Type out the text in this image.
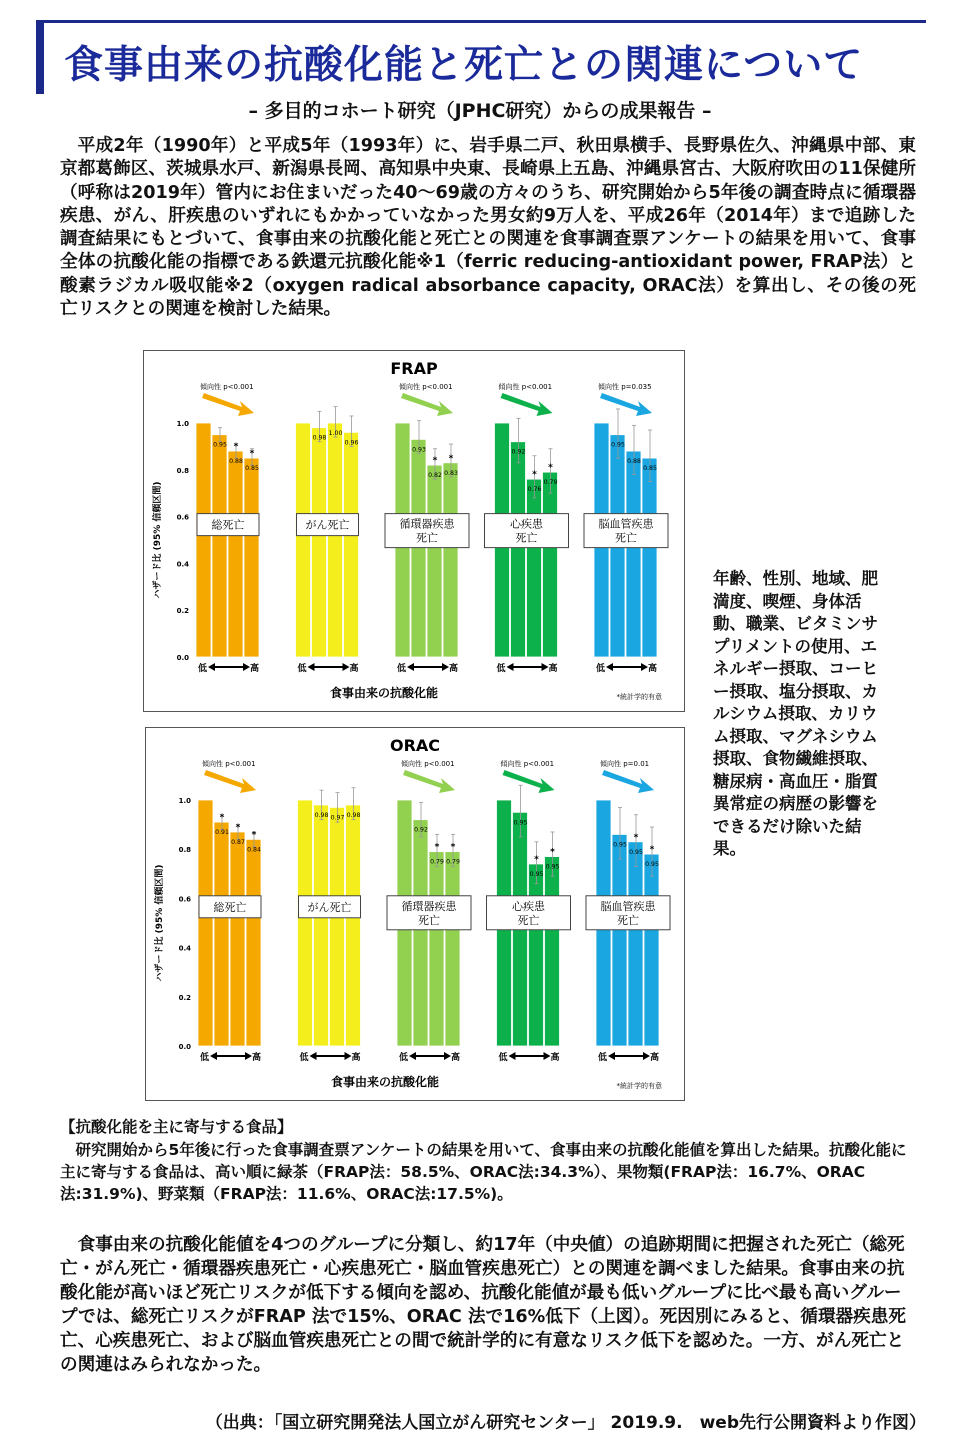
食事由来の抗酸化能と死亡との関連について
– 多目的コホート研究（JPHC研究）からの成果報告 –
平成2年（1990年）と平成5年（1993年）に、岩手県二戸、秋田県横手、長野県佐久、沖縄県中部、東京都葛飾区、茨城県水戸、新潟県長岡、高知県中央東、長崎県上五島、沖縄県宮古、大阪府吹田の11保健所（呼称は2019年）管内にお住まいだった40～69歳の方々のうち、研究開始から5年後の調査時点に循環器疾患、がん、肝疾患のいずれにもかかっていなかった男女約9万人を、平成26年（2014年）まで追跡した調査結果にもとづいて、食事由来の抗酸化能と死亡との関連を食事調査票アンケートの結果を用いて、食事全体の抗酸化能の指標である鉄還元抗酸化能※1（ferric reducing-antioxidant power, FRAP法）と酸素ラジカル吸収能※2（oxygen radical absorbance capacity, ORAC法）を算出し、その後の死亡リスクとの関連を検討した結果。
FRAP
0.0
0.2
0.4
0.6
0.8
1.0
ハザード比 (95% 信頼区間)
傾向性 p<0.001
0.95
0.88
*
0.85
*
総死亡
低	高
0.98
1.00
0.96
がん死亡
低	高
傾向性 p<0.001
0.93
0.82
*
0.83
*
循環器疾患
死亡
低	高
傾向性 p<0.001
0.92
0.76
*
0.79
*
心疾患
死亡
低	高
傾向性 p=0.035
0.95
0.88
0.85
脳血管疾患
死亡
低	高
食事由来の抗酸化能	*統計学的有意
ORAC
0.0
0.2
0.4
0.6
0.8
1.0
ハザード比 (95% 信頼区間)
傾向性 p<0.001
0.91
*
0.87
*
0.84
*
総死亡
低	高
0.98 0.97 0.98
がん死亡
低	高
傾向性 p<0.001
0.92
0.79
*
0.79
*
循環器疾患
死亡
低	高
傾向性 p<0.001
0.95
0.95
*
0.95
*
心疾患
死亡
低	高
傾向性 p=0.01
0.95
0.95
*
0.95
*
脳血管疾患
死亡
低	高
食事由来の抗酸化能	*統計学的有意
年齢、性別、地域、肥満度、喫煙、身体活動、職業、ビタミンサプリメントの使用、エネルギー摂取、コーヒー摂取、塩分摂取、カルシウム摂取、カリウム摂取、マグネシウム摂取、食物繊維摂取、糖尿病・高血圧・脂質異常症の病歴の影響をできるだけ除いた結果。
【抗酸化能を主に寄与する食品】
研究開始から5年後に行った食事調査票アンケートの結果を用いて、食事由来の抗酸化能値を算出した結果。抗酸化能に主に寄与する食品は、高い順に緑茶（FRAP法：58.5%、ORAC法:34.3%）、果物類(FRAP法：16.7%、ORAC法:31.9%)、野菜類（FRAP法：11.6%、ORAC法:17.5%)。
食事由来の抗酸化能値を4つのグループに分類し、約17年（中央値）の追跡期間に把握された死亡（総死亡・がん死亡・循環器疾患死亡・心疾患死亡・脳血管疾患死亡）との関連を調べました結果。食事由来の抗酸化能が高いほど死亡リスクが低下する傾向を認め、抗酸化能値が最も低いグループに比べ最も高いグループでは、総死亡リスクがFRAP 法で15%、ORAC 法で16%低下（上図）。死因別にみると、循環器疾患死亡、心疾患死亡、および脳血管疾患死亡との間で統計学的に有意なリスク低下を認めた。一方、がん死亡との関連はみられなかった。
（出典：「国立研究開発法人国立がん研究センター」 2019.9.　web先行公開資料より作図）
